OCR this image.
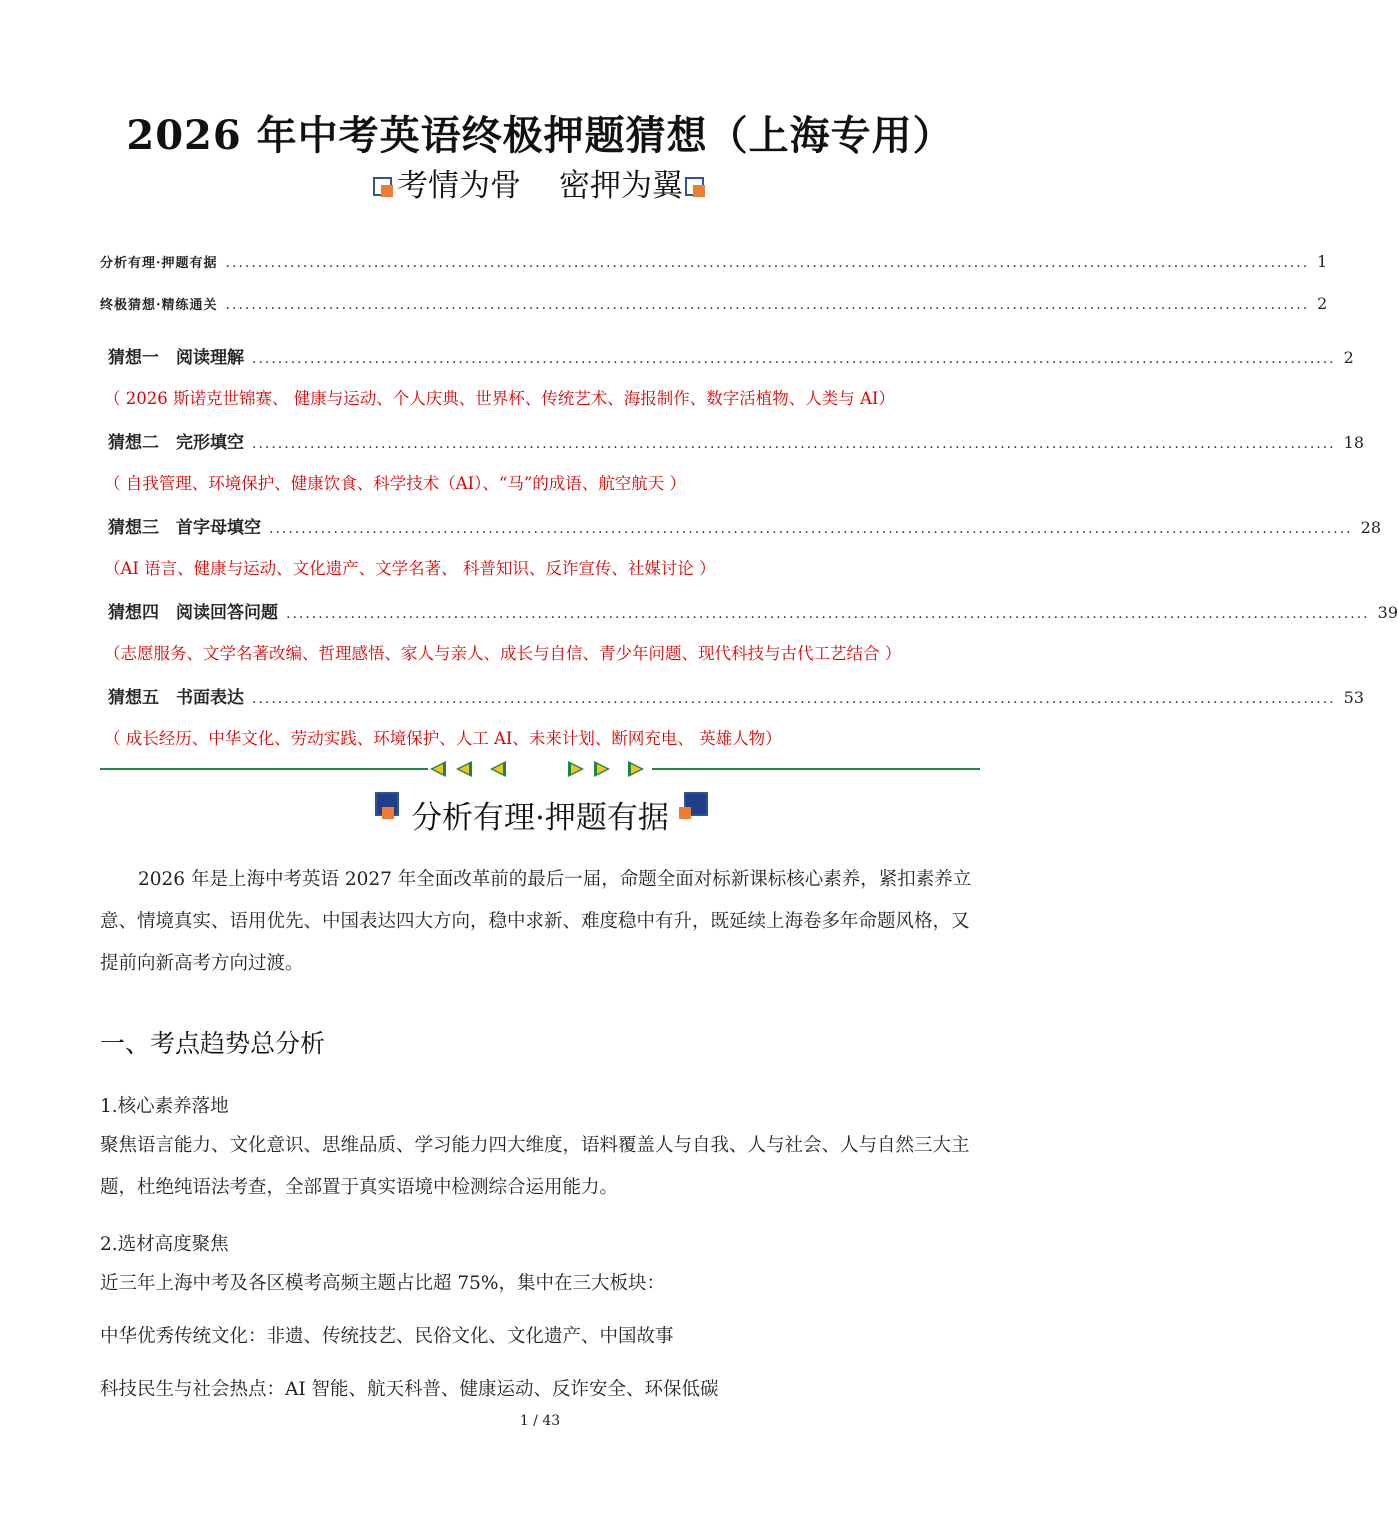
2026 年中考英语终极押题猜想（上海专用）
考情为骨 密押为翼
分析有理·押题有据 ........................................................................................................................................................................ 1
终极猜想·精练通关 ........................................................................................................................................................................ 2
猜想一　阅读理解 ........................................................................................................................................................................ 2
（ 2026 斯诺克世锦赛、 健康与运动、个人庆典、世界杯、传统艺术、海报制作、数字活植物、人类与 AI）
猜想二　完形填空 ........................................................................................................................................................................ 18
（ 自我管理、环境保护、健康饮食、科学技术（AI）、“马”的成语、航空航天 ）
猜想三　首字母填空 ........................................................................................................................................................................ 28
（AI 语言、健康与运动、文化遗产、文学名著、 科普知识、反诈宣传、社媒讨论 ）
猜想四　阅读回答问题 ........................................................................................................................................................................ 39
（志愿服务、文学名著改编、哲理感悟、家人与亲人、成长与自信、青少年问题、现代科技与古代工艺结合 ）
猜想五　书面表达 ........................................................................................................................................................................ 53
（ 成长经历、中华文化、劳动实践、环境保护、人工 AI、未来计划、断网充电、 英雄人物）
分析有理·押题有据
2026 年是上海中考英语 2027 年全面改革前的最后一届，命题全面对标新课标核心素养，紧扣素养立意、情境真实、语用优先、中国表达四大方向，稳中求新、难度稳中有升，既延续上海卷多年命题风格，又提前向新高考方向过渡。
一、考点趋势总分析
1.核心素养落地
聚焦语言能力、文化意识、思维品质、学习能力四大维度，语料覆盖人与自我、人与社会、人与自然三大主题，杜绝纯语法考查，全部置于真实语境中检测综合运用能力。
2.选材高度聚焦
近三年上海中考及各区模考高频主题占比超 75%，集中在三大板块：
中华优秀传统文化：非遗、传统技艺、民俗文化、文化遗产、中国故事
科技民生与社会热点：AI 智能、航天科普、健康运动、反诈安全、环保低碳
1 / 43
